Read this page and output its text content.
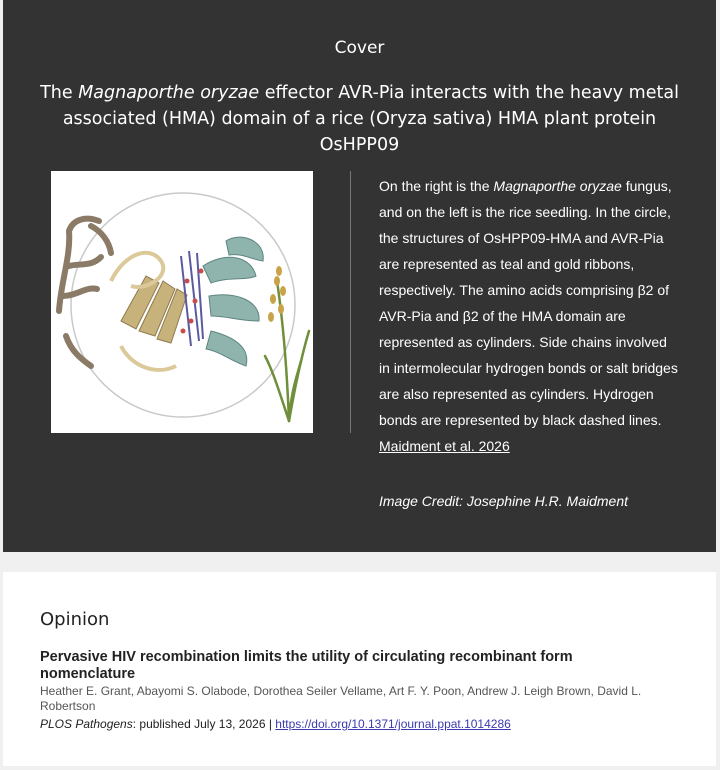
Cover
The Magnaporthe oryzae effector AVR-Pia interacts with the heavy metal associated (HMA) domain of a rice (Oryza sativa) HMA plant protein OsHPP09
On the right is the Magnaporthe oryzae fungus, and on the left is the rice seedling. In the circle, the structures of OsHPP09-HMA and AVR-Pia are represented as teal and gold ribbons, respectively. The amino acids comprising β2 of AVR-Pia and β2 of the HMA domain are represented as cylinders. Side chains involved in intermolecular hydrogen bonds or salt bridges are also represented as cylinders. Hydrogen bonds are represented by black dashed lines. Maidment et al. 2026
Image Credit: Josephine H.R. Maidment
Opinion
Pervasive HIV recombination limits the utility of circulating recombinant form nomenclature
Heather E. Grant, Abayomi S. Olabode, Dorothea Seiler Vellame, Art F. Y. Poon, Andrew J. Leigh Brown, David L. Robertson
PLOS Pathogens: published July 13, 2026 | https://doi.org/10.1371/journal.ppat.1014286
